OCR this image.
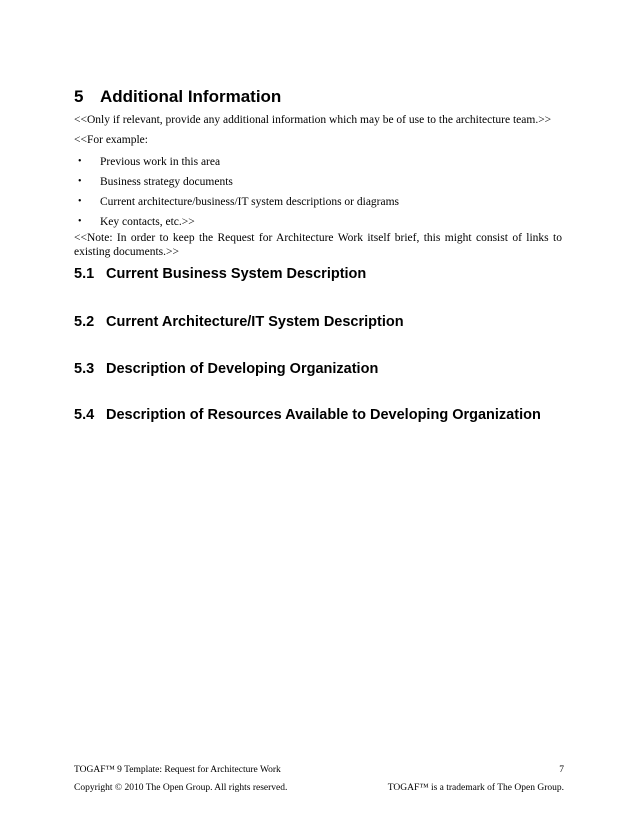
5 Additional Information

<<Only if relevant, provide any additional information which may be of use to the architecture team.>>

<<For example:

•	Previous work in this area
•	Business strategy documents
•	Current architecture/business/IT system descriptions or diagrams
•	Key contacts, etc.>>

<<Note: In order to keep the Request for Architecture Work itself brief, this might consist of links to existing documents.>>

5.1 Current Business System Description
5.2 Current Architecture/IT System Description
5.3 Description of Developing Organization
5.4 Description of Resources Available to Developing Organization
TOGAF™ 9 Template: Request for Architecture Work	7
Copyright © 2010 The Open Group. All rights reserved.	TOGAF™ is a trademark of The Open Group.
